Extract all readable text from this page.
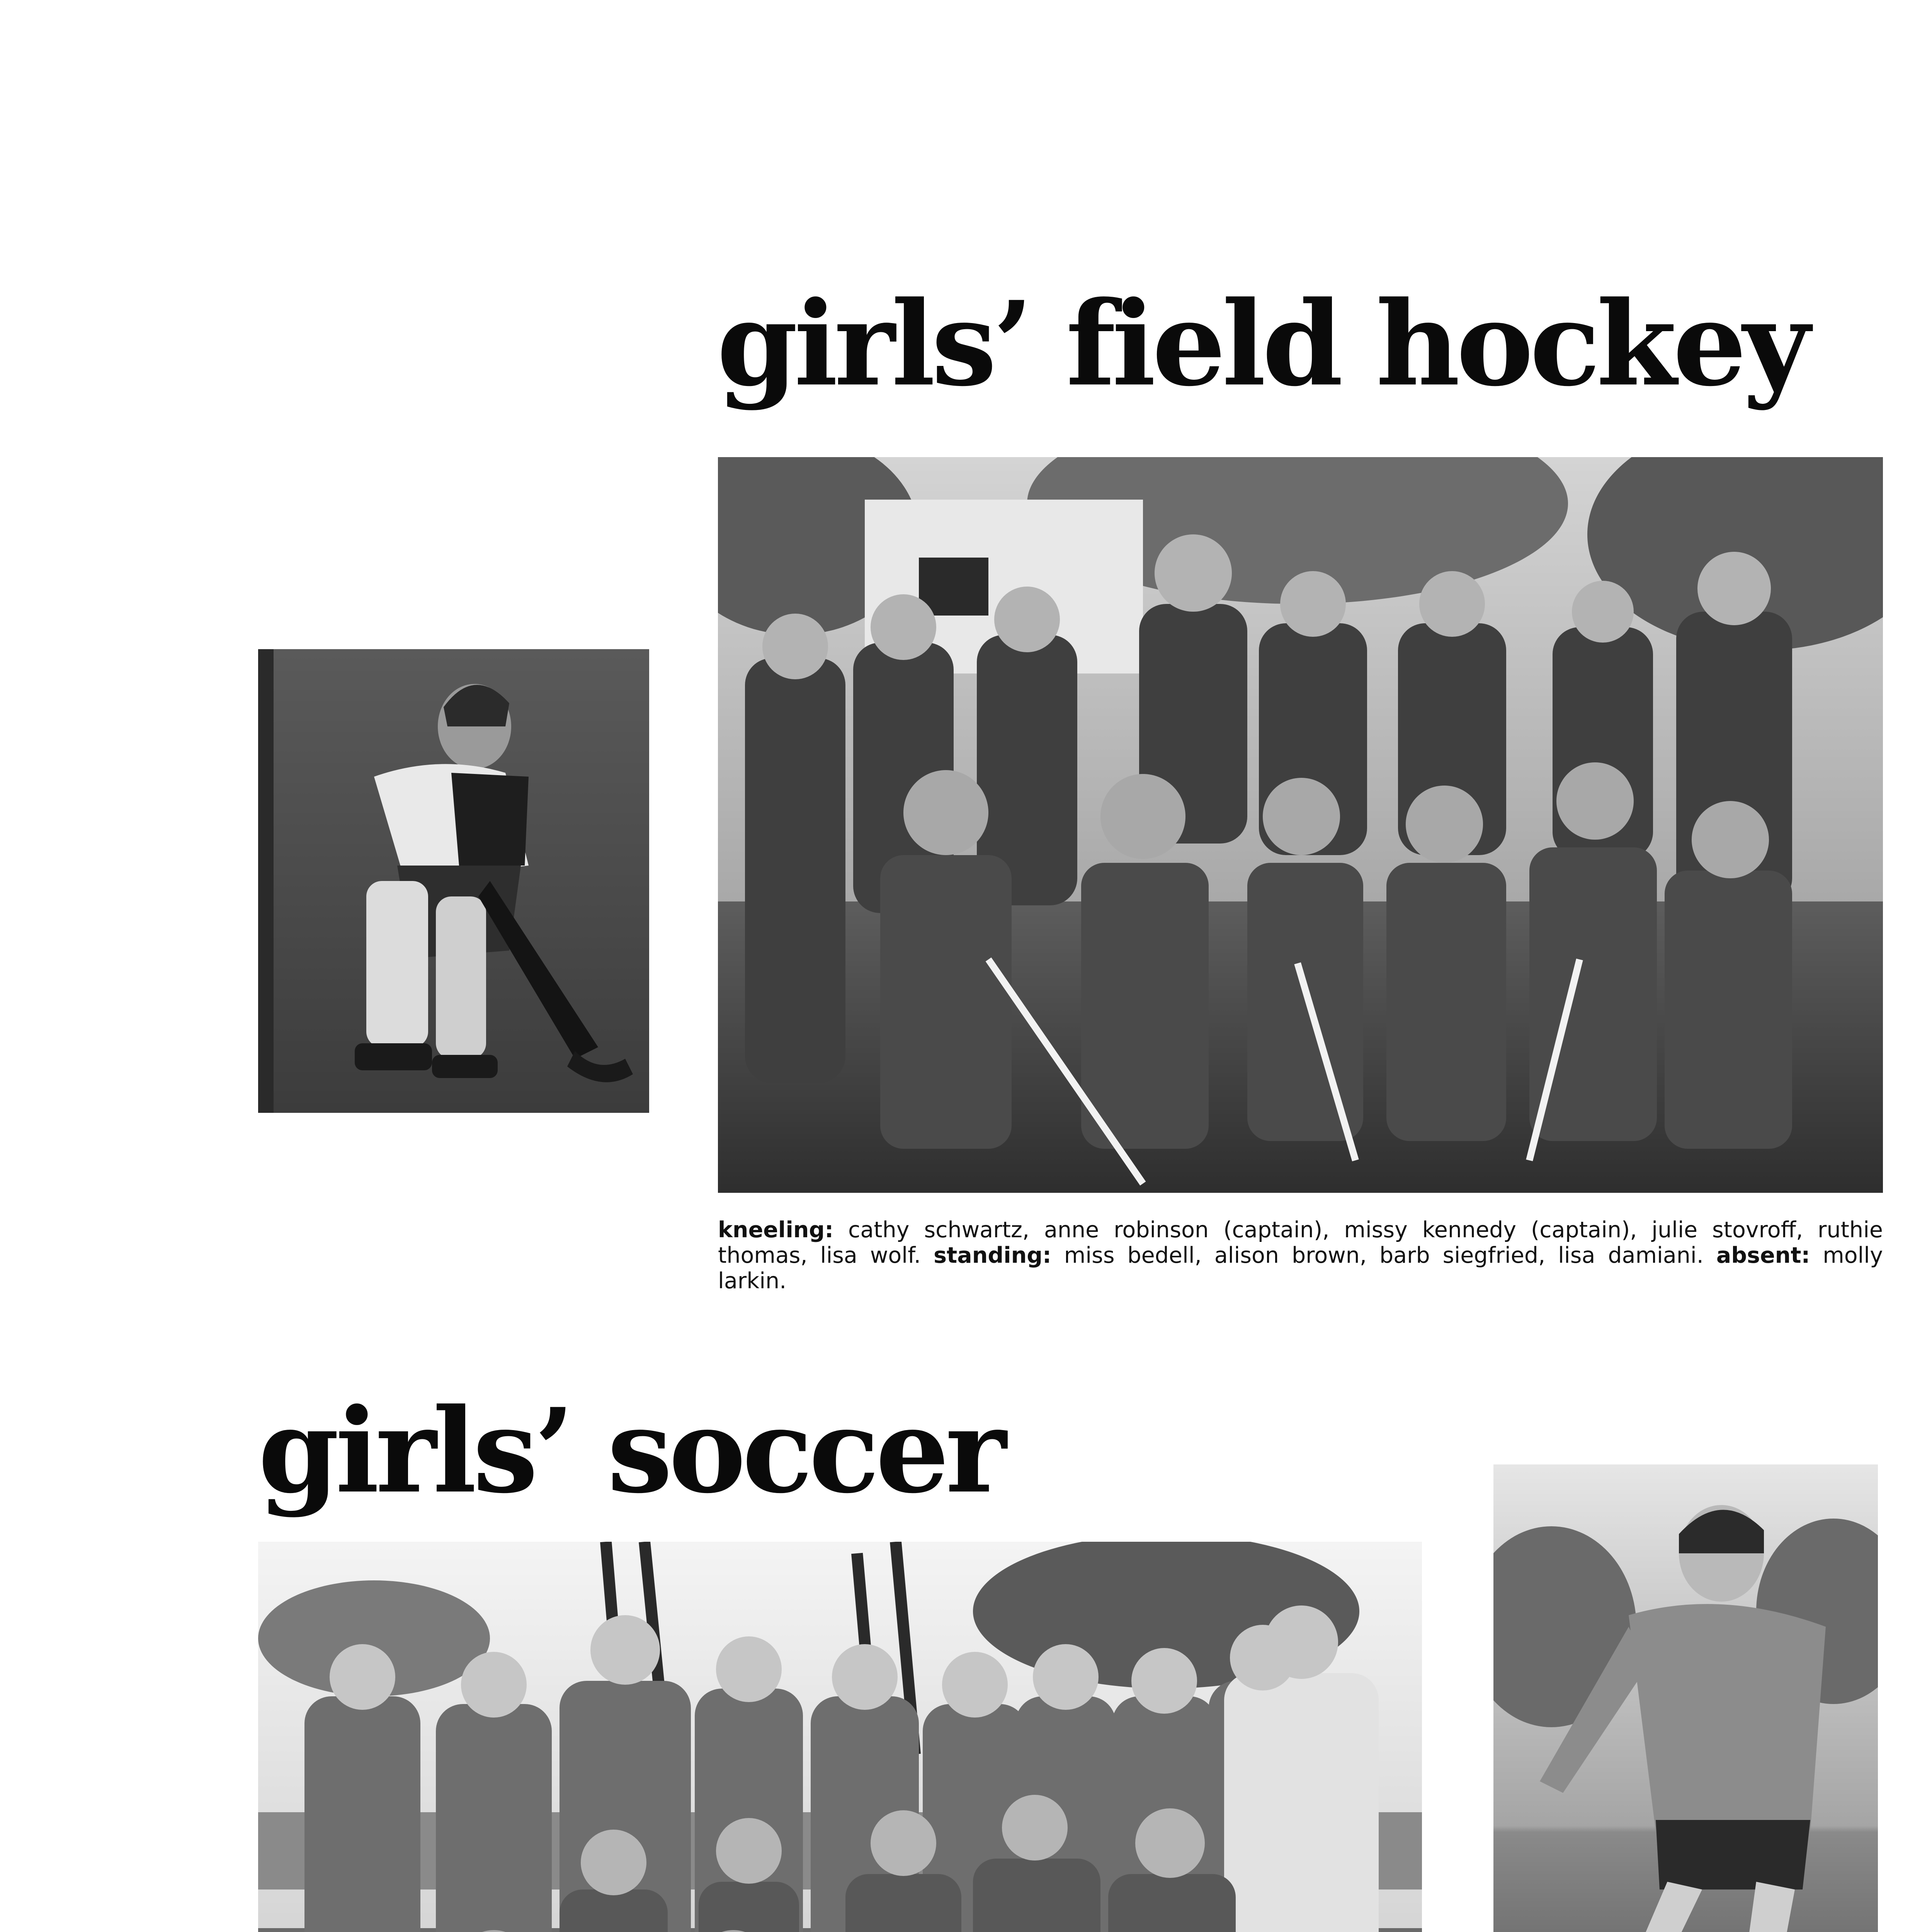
girls’ field hockey

kneeling: cathy schwartz, anne robinson (captain), missy kennedy (captain), julie stovroff, ruthie thomas, lisa wolf. standing: miss bedell, alison brown, barb siegfried, lisa damiani. absent: molly larkin.

girls’ soccer
